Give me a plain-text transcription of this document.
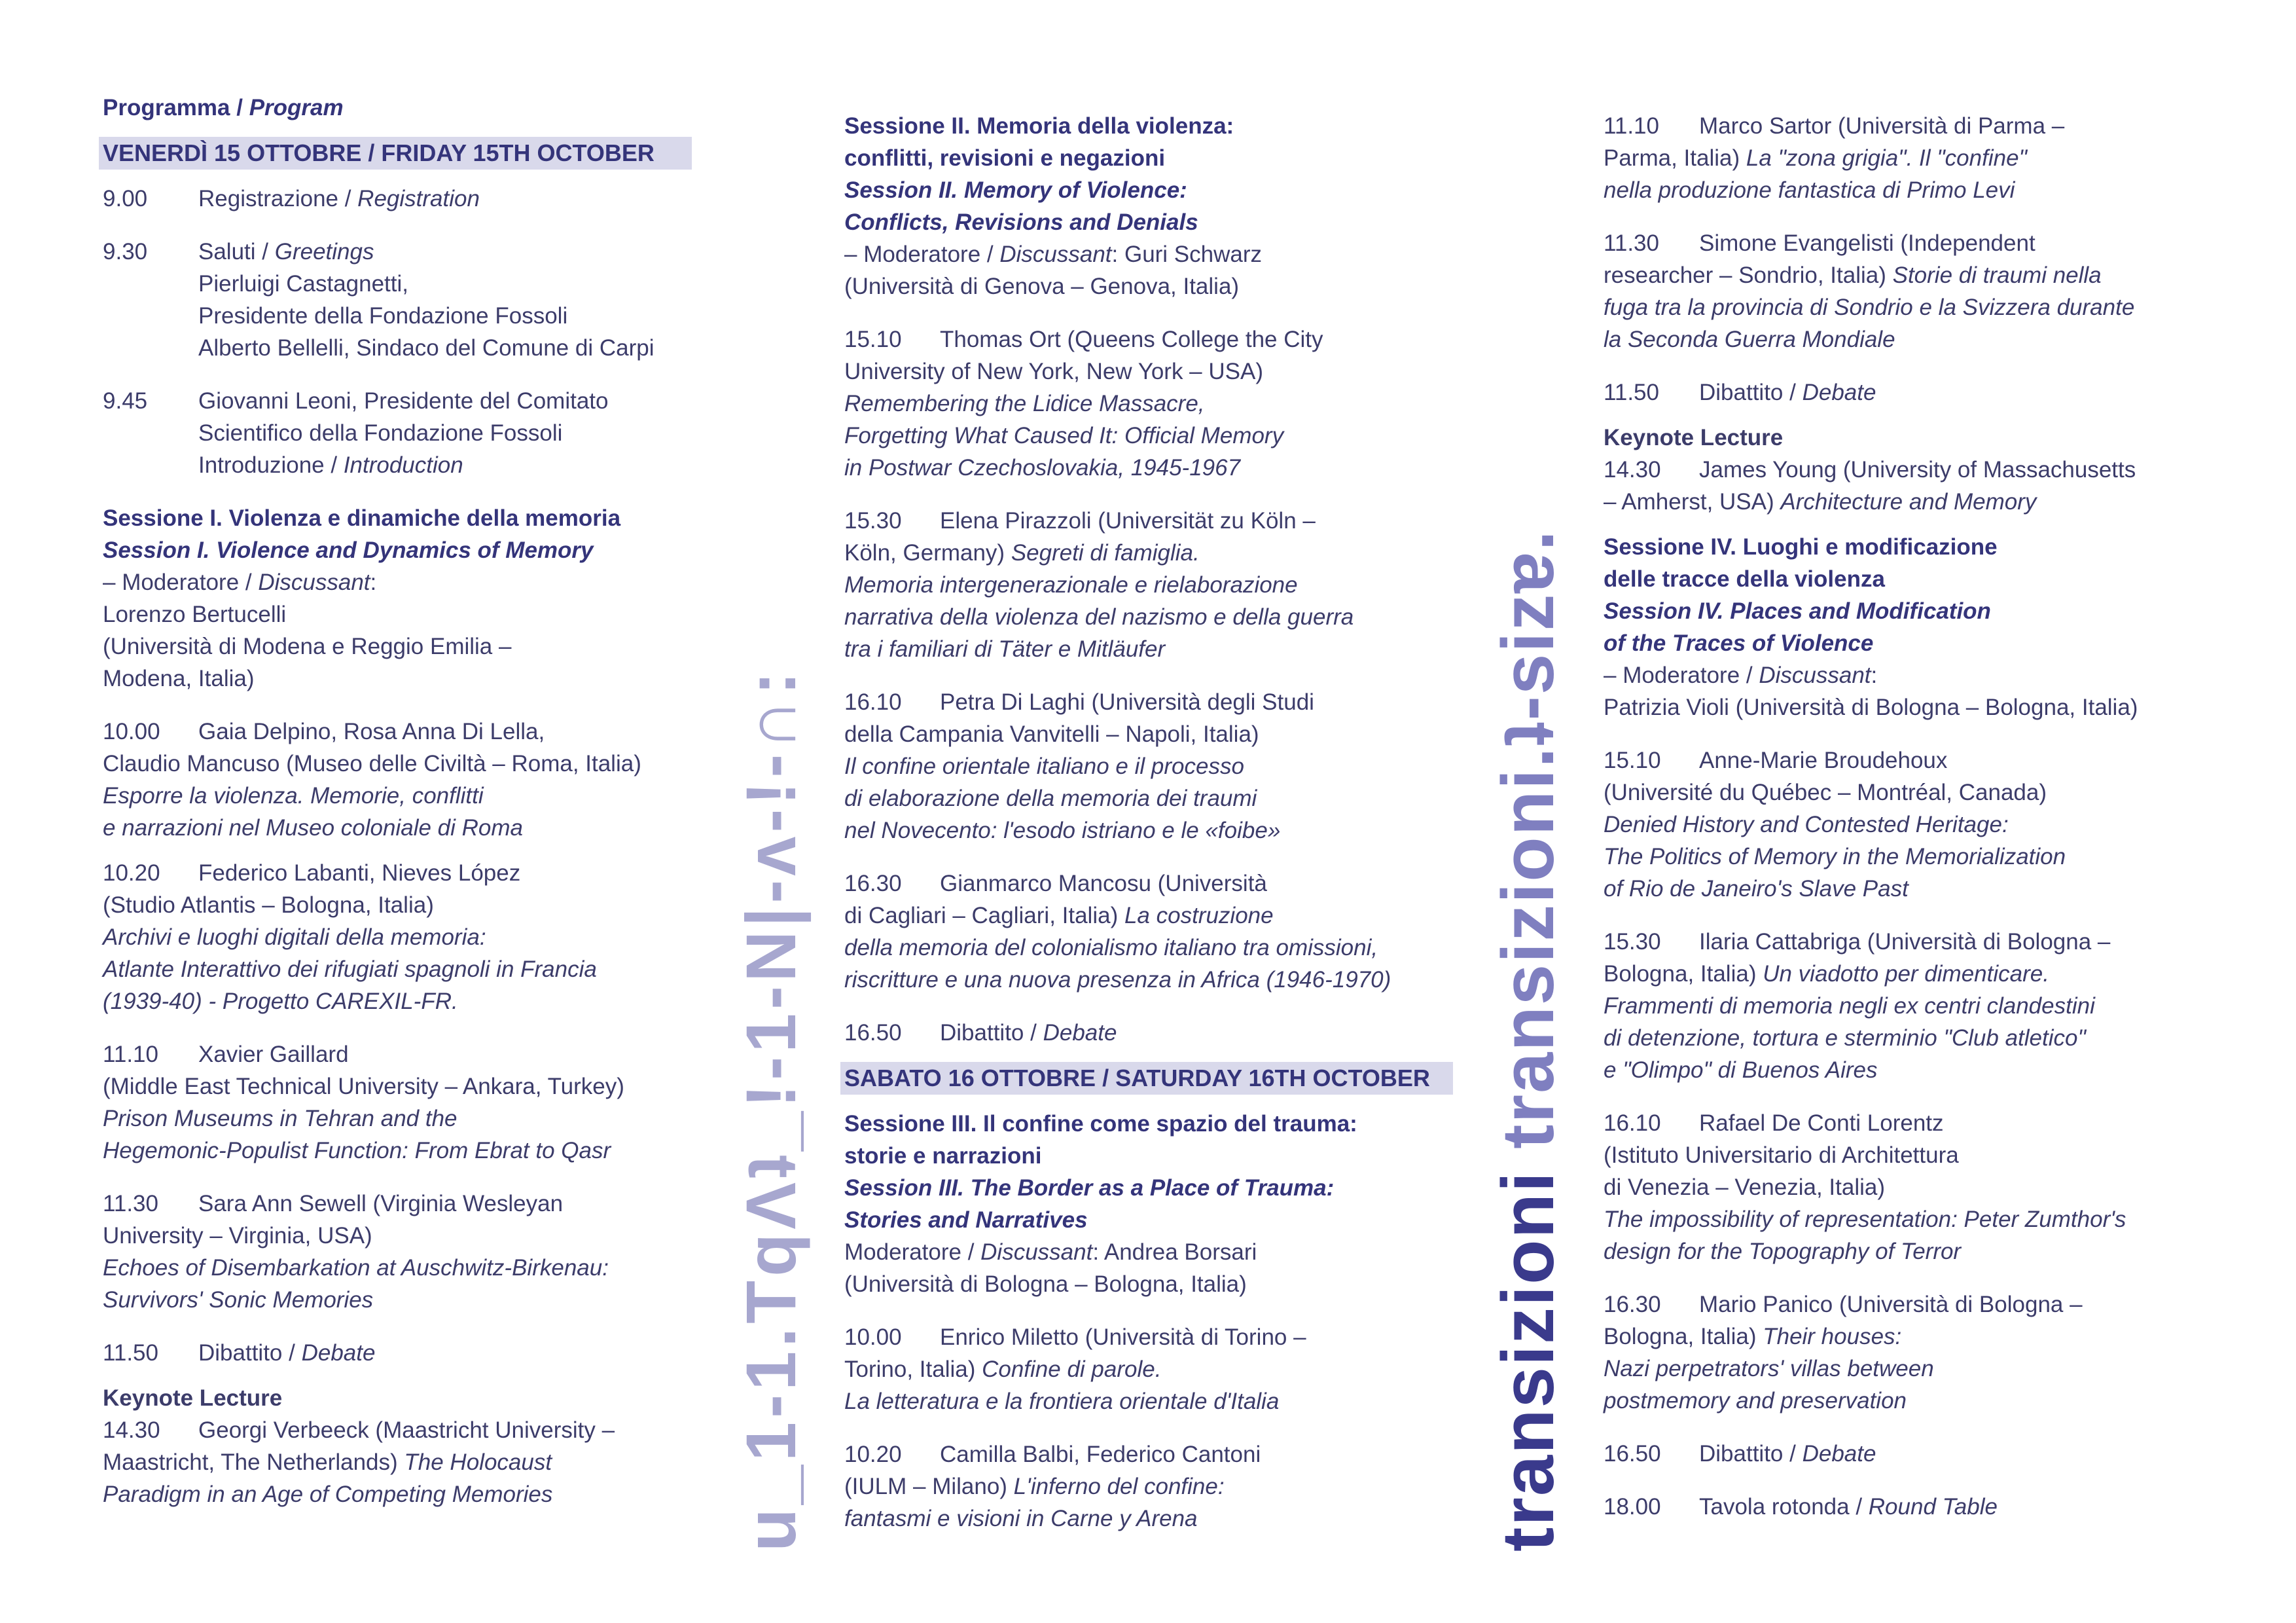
u_1-1.TqɅʇ_!-1-N|-ʌ-!-∩:	transizioni transizioni.ʇ-sizɐ.
Programma / Program
VENERDÌ 15 OTTOBRE / FRIDAY 15TH OCTOBER
9.00 Registrazione / Registration
9.30 Saluti / Greetings
Pierluigi Castagnetti,
Presidente della Fondazione Fossoli
Alberto Bellelli, Sindaco del Comune di Carpi
9.45 Giovanni Leoni, Presidente del Comitato
Scientifico della Fondazione Fossoli
Introduzione / Introduction
Sessione I. Violenza e dinamiche della memoria
Session I. Violence and Dynamics of Memory
– Moderatore / Discussant:
Lorenzo Bertucelli
(Università di Modena e Reggio Emilia –
Modena, Italia)
10.00 Gaia Delpino, Rosa Anna Di Lella,
Claudio Mancuso (Museo delle Civiltà – Roma, Italia)
Esporre la violenza. Memorie, conflitti
e narrazioni nel Museo coloniale di Roma
10.20 Federico Labanti, Nieves López
(Studio Atlantis – Bologna, Italia)
Archivi e luoghi digitali della memoria:
Atlante Interattivo dei rifugiati spagnoli in Francia
(1939-40) - Progetto CAREXIL-FR.
11.10 Xavier Gaillard
(Middle East Technical University – Ankara, Turkey)
Prison Museums in Tehran and the
Hegemonic-Populist Function: From Ebrat to Qasr
11.30 Sara Ann Sewell (Virginia Wesleyan
University – Virginia, USA)
Echoes of Disembarkation at Auschwitz-Birkenau:
Survivors' Sonic Memories
11.50 Dibattito / Debate
Keynote Lecture
14.30 Georgi Verbeeck (Maastricht University –
Maastricht, The Netherlands) The Holocaust
Paradigm in an Age of Competing Memories
Sessione II. Memoria della violenza:
conflitti, revisioni e negazioni
Session II. Memory of Violence:
Conflicts, Revisions and Denials
– Moderatore / Discussant: Guri Schwarz
(Università di Genova – Genova, Italia)
15.10 Thomas Ort (Queens College the City
University of New York, New York – USA)
Remembering the Lidice Massacre,
Forgetting What Caused It: Official Memory
in Postwar Czechoslovakia, 1945-1967
15.30 Elena Pirazzoli (Universität zu Köln –
Köln, Germany) Segreti di famiglia.
Memoria intergenerazionale e rielaborazione
narrativa della violenza del nazismo e della guerra
tra i familiari di Täter e Mitläufer
16.10 Petra Di Laghi (Università degli Studi
della Campania Vanvitelli – Napoli, Italia)
Il confine orientale italiano e il processo
di elaborazione della memoria dei traumi
nel Novecento: l'esodo istriano e le «foibe»
16.30 Gianmarco Mancosu (Università
di Cagliari – Cagliari, Italia) La costruzione
della memoria del colonialismo italiano tra omissioni,
riscritture e una nuova presenza in Africa (1946-1970)
16.50 Dibattito / Debate
SABATO 16 OTTOBRE / SATURDAY 16TH OCTOBER
Sessione III. Il confine come spazio del trauma:
storie e narrazioni
Session III. The Border as a Place of Trauma:
Stories and Narratives
Moderatore / Discussant: Andrea Borsari
(Università di Bologna – Bologna, Italia)
10.00 Enrico Miletto (Università di Torino –
Torino, Italia) Confine di parole.
La letteratura e la frontiera orientale d'Italia
10.20 Camilla Balbi, Federico Cantoni
(IULM – Milano) L'inferno del confine:
fantasmi e visioni in Carne y Arena
11.10 Marco Sartor (Università di Parma –
Parma, Italia) La "zona grigia". Il "confine"
nella produzione fantastica di Primo Levi
11.30 Simone Evangelisti (Independent
researcher – Sondrio, Italia) Storie di traumi nella
fuga tra la provincia di Sondrio e la Svizzera durante
la Seconda Guerra Mondiale
11.50 Dibattito / Debate
Keynote Lecture
14.30 James Young (University of Massachusetts
– Amherst, USA) Architecture and Memory
Sessione IV. Luoghi e modificazione
delle tracce della violenza
Session IV. Places and Modification
of the Traces of Violence
– Moderatore / Discussant:
Patrizia Violi (Università di Bologna – Bologna, Italia)
15.10 Anne-Marie Broudehoux
(Université du Québec – Montréal, Canada)
Denied History and Contested Heritage:
The Politics of Memory in the Memorialization
of Rio de Janeiro's Slave Past
15.30 Ilaria Cattabriga (Università di Bologna –
Bologna, Italia) Un viadotto per dimenticare.
Frammenti di memoria negli ex centri clandestini
di detenzione, tortura e sterminio "Club atletico"
e "Olimpo" di Buenos Aires
16.10 Rafael De Conti Lorentz
(Istituto Universitario di Architettura
di Venezia – Venezia, Italia)
The impossibility of representation: Peter Zumthor's
design for the Topography of Terror
16.30 Mario Panico (Università di Bologna –
Bologna, Italia) Their houses:
Nazi perpetrators' villas between
postmemory and preservation
16.50 Dibattito / Debate
18.00 Tavola rotonda / Round Table
